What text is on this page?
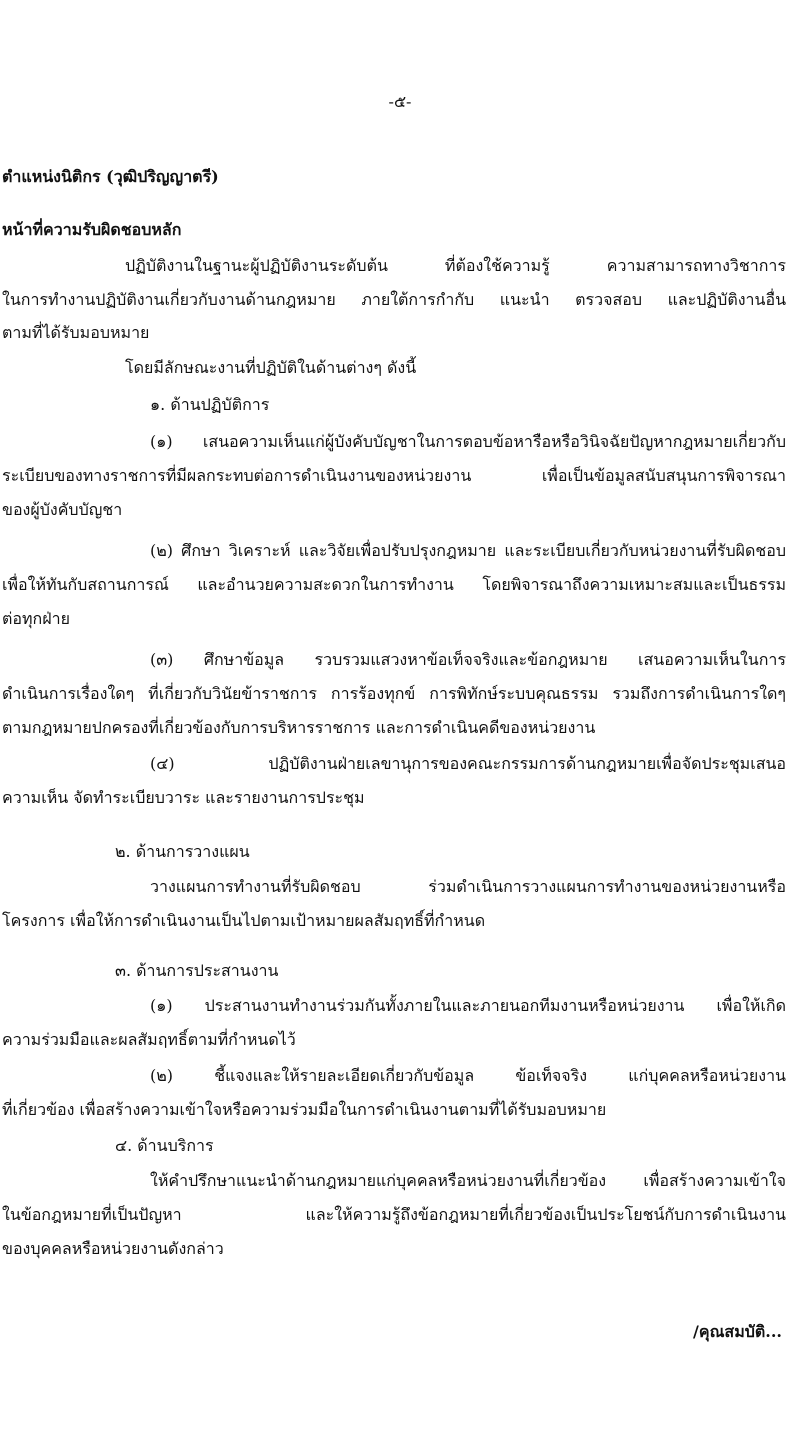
-๕-
ตำแหน่งนิติกร (วุฒิปริญญาตรี)
หน้าที่ความรับผิดชอบหลัก
ปฏิบัติงานในฐานะผู้ปฏิบัติงานระดับต้น ที่ต้องใช้ความรู้ ความสามารถทางวิชาการ
ในการทำงานปฏิบัติงานเกี่ยวกับงานด้านกฎหมาย ภายใต้การกำกับ แนะนำ ตรวจสอบ และปฏิบัติงานอื่น
ตามที่ได้รับมอบหมาย
โดยมีลักษณะงานที่ปฏิบัติในด้านต่างๆ ดังนี้
๑. ด้านปฏิบัติการ
(๑) เสนอความเห็นแก่ผู้บังคับบัญชาในการตอบข้อหารือหรือวินิจฉัยปัญหากฎหมายเกี่ยวกับ
ระเบียบของทางราชการที่มีผลกระทบต่อการดำเนินงานของหน่วยงาน เพื่อเป็นข้อมูลสนับสนุนการพิจารณา
ของผู้บังคับบัญชา
(๒) ศึกษา วิเคราะห์ และวิจัยเพื่อปรับปรุงกฎหมาย และระเบียบเกี่ยวกับหน่วยงานที่รับผิดชอบ
เพื่อให้ทันกับสถานการณ์ และอำนวยความสะดวกในการทำงาน โดยพิจารณาถึงความเหมาะสมและเป็นธรรม
ต่อทุกฝ่าย
(๓) ศึกษาข้อมูล รวบรวมแสวงหาข้อเท็จจริงและข้อกฎหมาย เสนอความเห็นในการ
ดำเนินการเรื่องใดๆ ที่เกี่ยวกับวินัยข้าราชการ การร้องทุกข์ การพิทักษ์ระบบคุณธรรม รวมถึงการดำเนินการใดๆ
ตามกฎหมายปกครองที่เกี่ยวข้องกับการบริหารราชการ และการดำเนินคดีของหน่วยงาน
(๔) ปฏิบัติงานฝ่ายเลขานุการของคณะกรรมการด้านกฎหมายเพื่อจัดประชุมเสนอ
ความเห็น จัดทำระเบียบวาระ และรายงานการประชุม
๒. ด้านการวางแผน
วางแผนการทำงานที่รับผิดชอบ ร่วมดำเนินการวางแผนการทำงานของหน่วยงานหรือ
โครงการ เพื่อให้การดำเนินงานเป็นไปตามเป้าหมายผลสัมฤทธิ์ที่กำหนด
๓. ด้านการประสานงาน
(๑) ประสานงานทำงานร่วมกันทั้งภายในและภายนอกทีมงานหรือหน่วยงาน เพื่อให้เกิด
ความร่วมมือและผลสัมฤทธิ์ตามที่กำหนดไว้
(๒) ชี้แจงและให้รายละเอียดเกี่ยวกับข้อมูล ข้อเท็จจริง แก่บุคคลหรือหน่วยงาน
ที่เกี่ยวข้อง เพื่อสร้างความเข้าใจหรือความร่วมมือในการดำเนินงานตามที่ได้รับมอบหมาย
๔. ด้านบริการ
ให้คำปรึกษาแนะนำด้านกฎหมายแก่บุคคลหรือหน่วยงานที่เกี่ยวข้อง เพื่อสร้างความเข้าใจ
ในข้อกฎหมายที่เป็นปัญหา และให้ความรู้ถึงข้อกฎหมายที่เกี่ยวข้องเป็นประโยชน์กับการดำเนินงาน
ของบุคคลหรือหน่วยงานดังกล่าว
/คุณสมบัติ...
